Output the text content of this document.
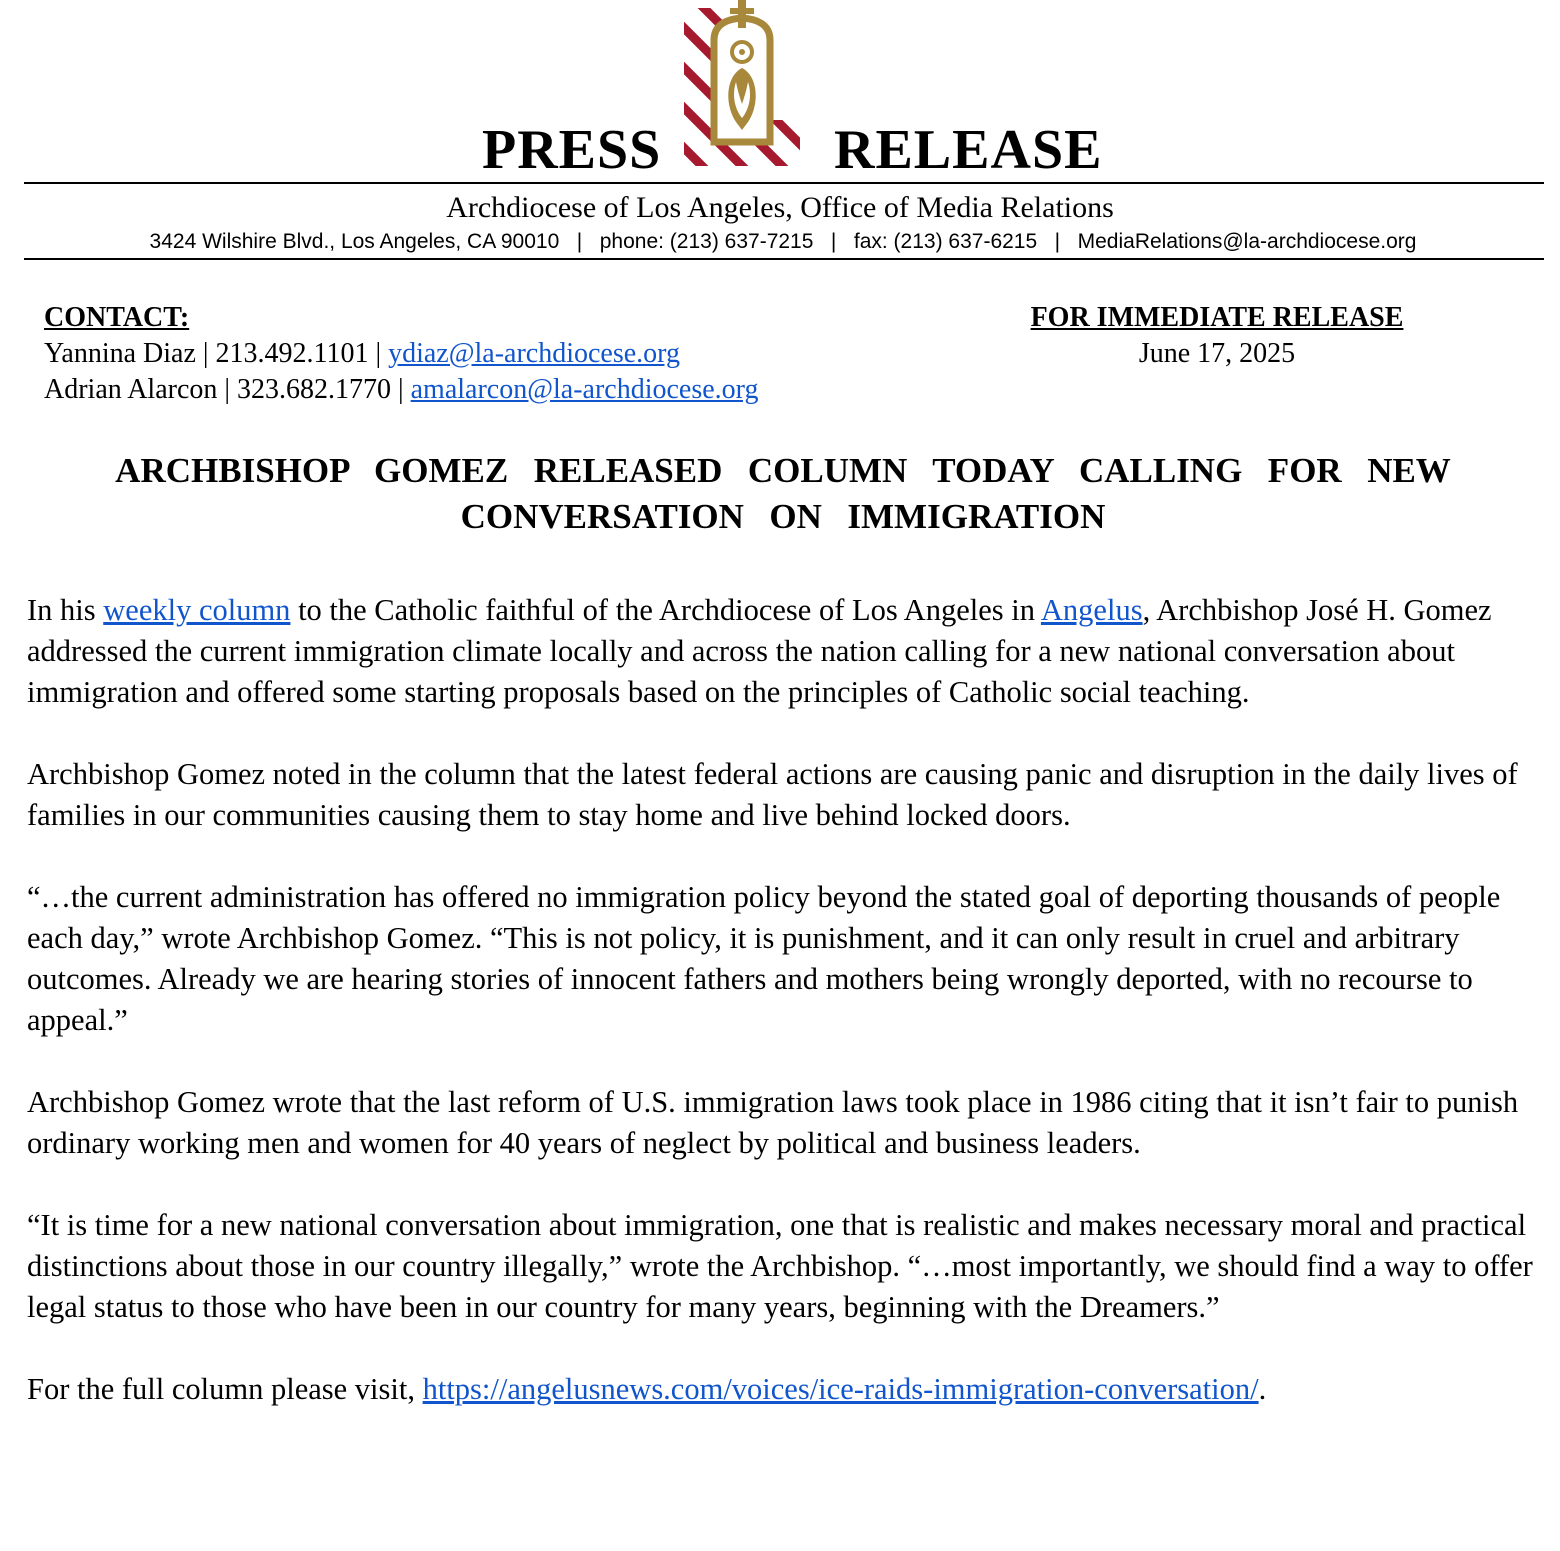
PRESS	RELEASE
Archdiocese of Los Angeles, Office of Media Relations
3424 Wilshire Blvd., Los Angeles, CA 90010   |   phone: (213) 637-7215   |   fax: (213) 637-6215   |   MediaRelations@la-archdiocese.org
CONTACT:
Yannina Diaz | 213.492.1101 | ydiaz@la-archdiocese.org
Adrian Alarcon | 323.682.1770 | amalarcon@la-archdiocese.org
FOR IMMEDIATE RELEASE
June 17, 2025
ARCHBISHOP  GOMEZ  RELEASED  COLUMN  TODAY  CALLING  FOR  NEW
CONVERSATION  ON  IMMIGRATION

In his weekly column to the Catholic faithful of the Archdiocese of Los Angeles in Angelus, Archbishop José H. Gomez addressed the current immigration climate locally and across the nation calling for a new national conversation about immigration and offered some starting proposals based on the principles of Catholic social teaching.

Archbishop Gomez noted in the column that the latest federal actions are causing panic and disruption in the daily lives of families in our communities causing them to stay home and live behind locked doors.

“…the current administration has offered no immigration policy beyond the stated goal of deporting thousands of people each day,” wrote Archbishop Gomez. “This is not policy, it is punishment, and it can only result in cruel and arbitrary outcomes. Already we are hearing stories of innocent fathers and mothers being wrongly deported, with no recourse to appeal.”

Archbishop Gomez wrote that the last reform of U.S. immigration laws took place in 1986 citing that it isn’t fair to punish ordinary working men and women for 40 years of neglect by political and business leaders.

“It is time for a new national conversation about immigration, one that is realistic and makes necessary moral and practical distinctions about those in our country illegally,” wrote the Archbishop. “…most importantly, we should find a way to offer legal status to those who have been in our country for many years, beginning with the Dreamers.”

For the full column please visit, https://angelusnews.com/voices/ice-raids-immigration-conversation/.
